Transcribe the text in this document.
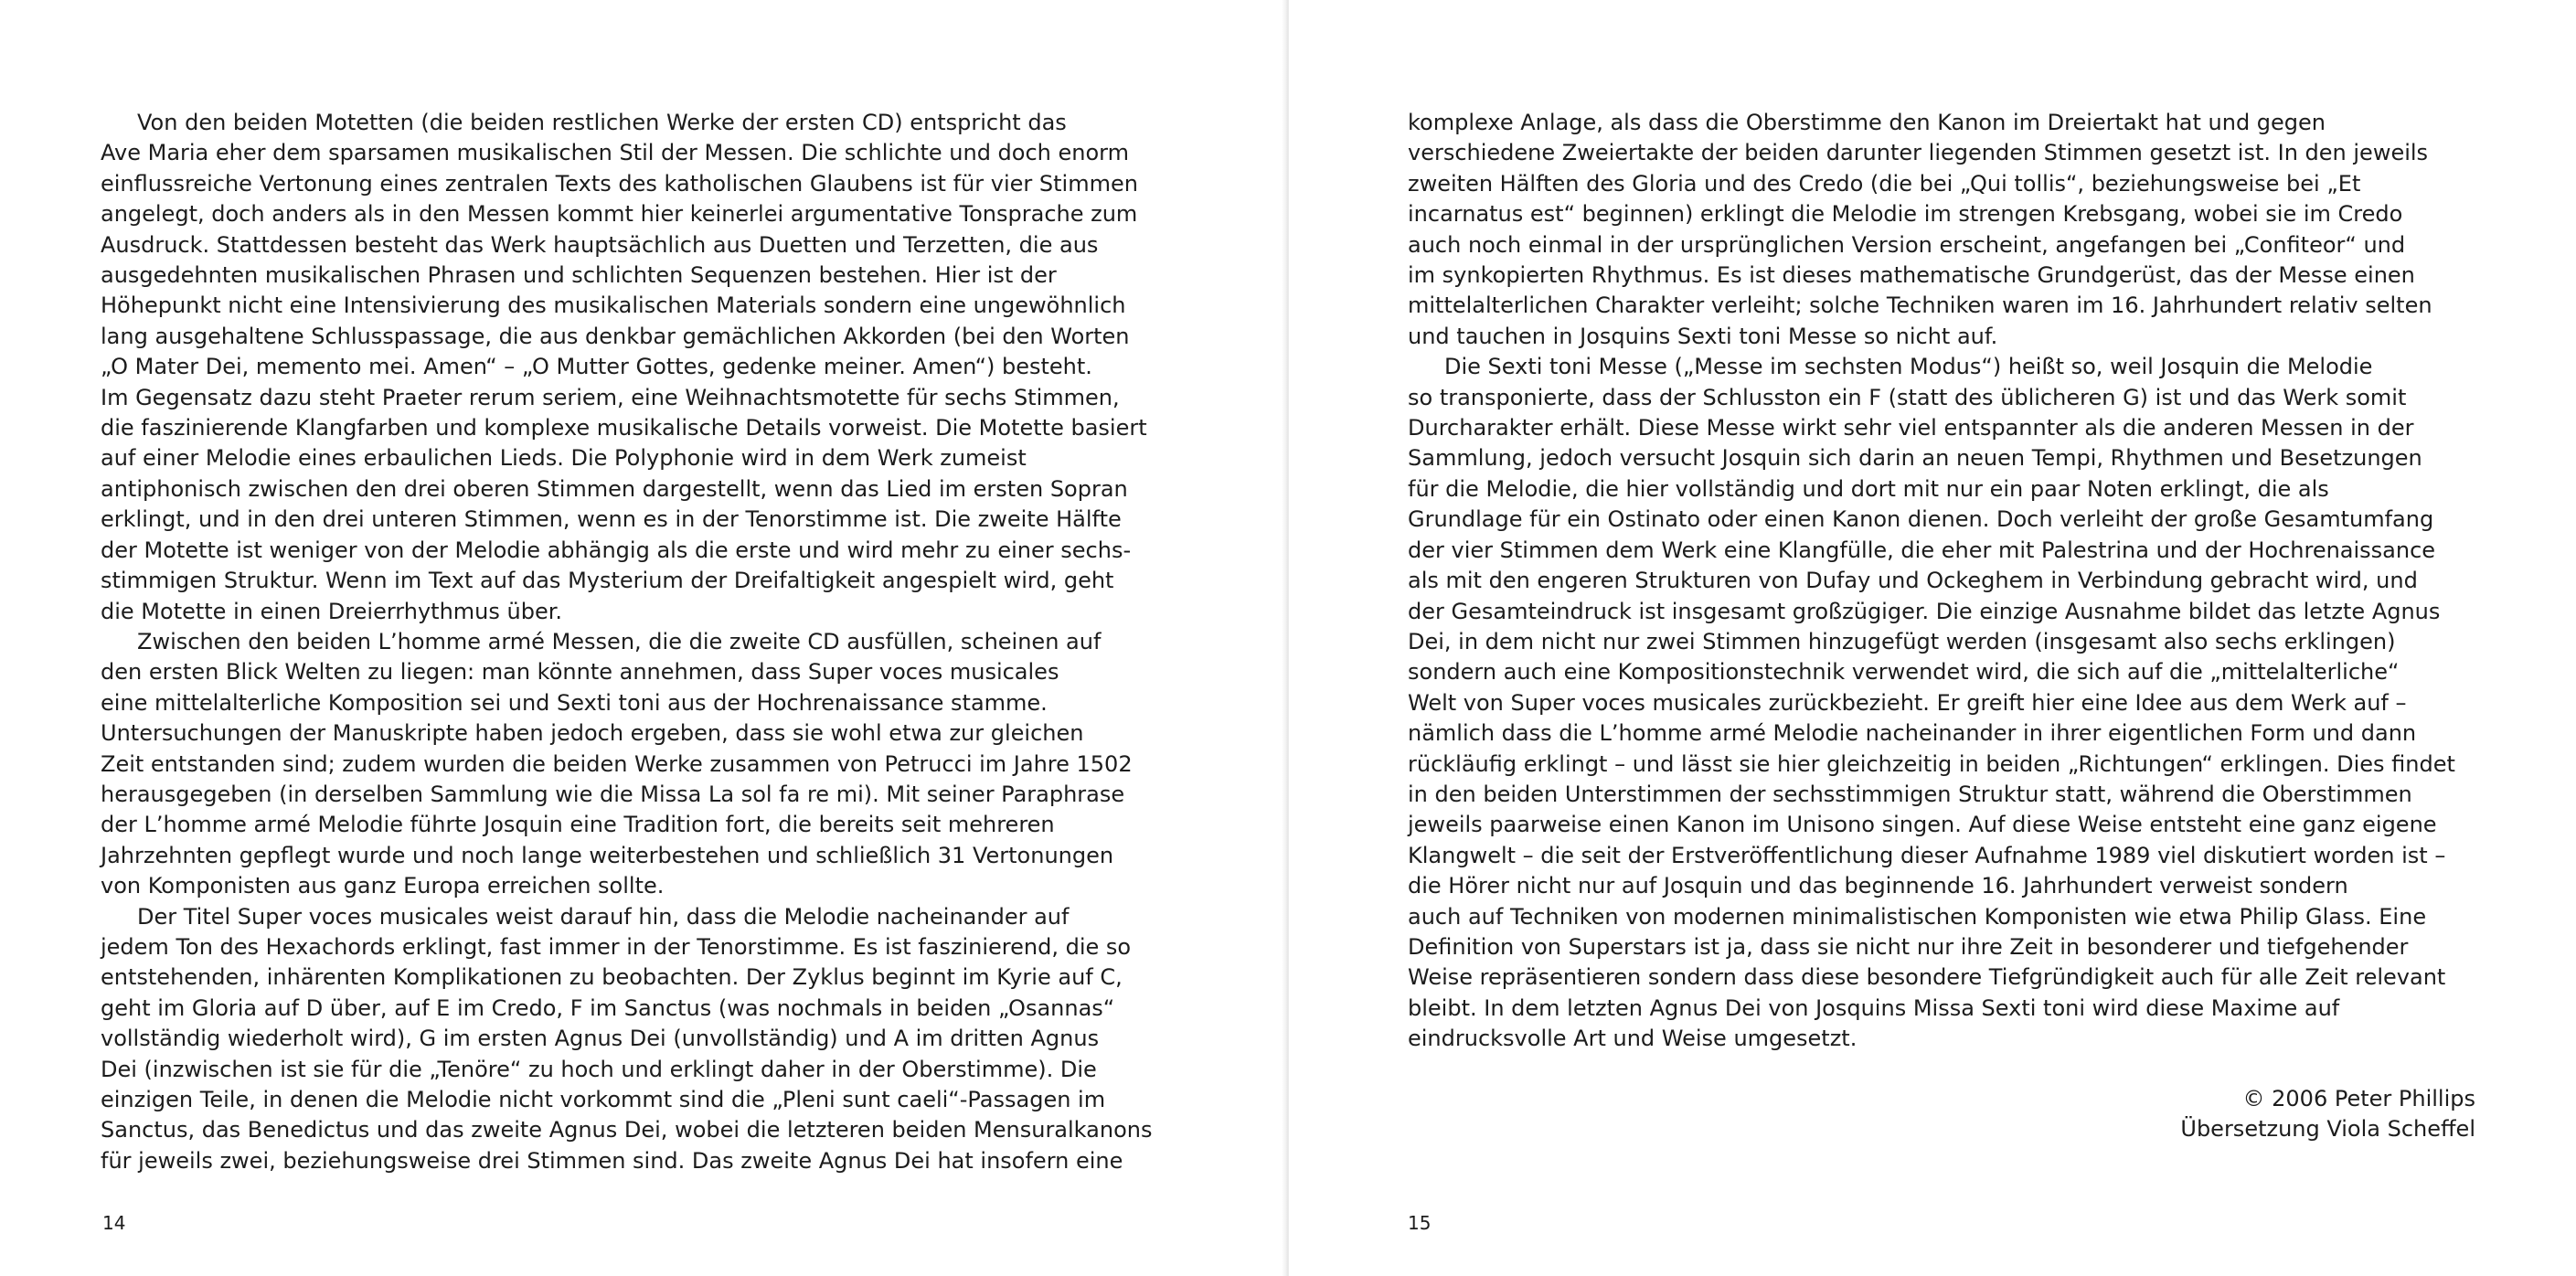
Von den beiden Motetten (die beiden restlichen Werke der ersten CD) entspricht das
Ave Maria eher dem sparsamen musikalischen Stil der Messen. Die schlichte und doch enorm
einflussreiche Vertonung eines zentralen Texts des katholischen Glaubens ist für vier Stimmen
angelegt, doch anders als in den Messen kommt hier keinerlei argumentative Tonsprache zum
Ausdruck. Stattdessen besteht das Werk hauptsächlich aus Duetten und Terzetten, die aus
ausgedehnten musikalischen Phrasen und schlichten Sequenzen bestehen. Hier ist der
Höhepunkt nicht eine Intensivierung des musikalischen Materials sondern eine ungewöhnlich
lang ausgehaltene Schlusspassage, die aus denkbar gemächlichen Akkorden (bei den Worten
„O Mater Dei, memento mei. Amen“ – „O Mutter Gottes, gedenke meiner. Amen“) besteht.
Im Gegensatz dazu steht Praeter rerum seriem, eine Weihnachtsmotette für sechs Stimmen,
die faszinierende Klangfarben und komplexe musikalische Details vorweist. Die Motette basiert
auf einer Melodie eines erbaulichen Lieds. Die Polyphonie wird in dem Werk zumeist
antiphonisch zwischen den drei oberen Stimmen dargestellt, wenn das Lied im ersten Sopran
erklingt, und in den drei unteren Stimmen, wenn es in der Tenorstimme ist. Die zweite Hälfte
der Motette ist weniger von der Melodie abhängig als die erste und wird mehr zu einer sechs-
stimmigen Struktur. Wenn im Text auf das Mysterium der Dreifaltigkeit angespielt wird, geht
die Motette in einen Dreierrhythmus über.

Zwischen den beiden L’homme armé Messen, die die zweite CD ausfüllen, scheinen auf
den ersten Blick Welten zu liegen: man könnte annehmen, dass Super voces musicales
eine mittelalterliche Komposition sei und Sexti toni aus der Hochrenaissance stamme.
Untersuchungen der Manuskripte haben jedoch ergeben, dass sie wohl etwa zur gleichen
Zeit entstanden sind; zudem wurden die beiden Werke zusammen von Petrucci im Jahre 1502
herausgegeben (in derselben Sammlung wie die Missa La sol fa re mi). Mit seiner Paraphrase
der L’homme armé Melodie führte Josquin eine Tradition fort, die bereits seit mehreren
Jahrzehnten gepflegt wurde und noch lange weiterbestehen und schließlich 31 Vertonungen
von Komponisten aus ganz Europa erreichen sollte.

Der Titel Super voces musicales weist darauf hin, dass die Melodie nacheinander auf
jedem Ton des Hexachords erklingt, fast immer in der Tenorstimme. Es ist faszinierend, die so
entstehenden, inhärenten Komplikationen zu beobachten. Der Zyklus beginnt im Kyrie auf C,
geht im Gloria auf D über, auf E im Credo, F im Sanctus (was nochmals in beiden „Osannas“
vollständig wiederholt wird), G im ersten Agnus Dei (unvollständig) und A im dritten Agnus
Dei (inzwischen ist sie für die „Tenöre“ zu hoch und erklingt daher in der Oberstimme). Die
einzigen Teile, in denen die Melodie nicht vorkommt sind die „Pleni sunt caeli“-Passagen im
Sanctus, das Benedictus und das zweite Agnus Dei, wobei die letzteren beiden Mensuralkanons
für jeweils zwei, beziehungsweise drei Stimmen sind. Das zweite Agnus Dei hat insofern eine

14

komplexe Anlage, als dass die Oberstimme den Kanon im Dreiertakt hat und gegen
verschiedene Zweiertakte der beiden darunter liegenden Stimmen gesetzt ist. In den jeweils
zweiten Hälften des Gloria und des Credo (die bei „Qui tollis“, beziehungsweise bei „Et
incarnatus est“ beginnen) erklingt die Melodie im strengen Krebsgang, wobei sie im Credo
auch noch einmal in der ursprünglichen Version erscheint, angefangen bei „Confiteor“ und
im synkopierten Rhythmus. Es ist dieses mathematische Grundgerüst, das der Messe einen
mittelalterlichen Charakter verleiht; solche Techniken waren im 16. Jahrhundert relativ selten
und tauchen in Josquins Sexti toni Messe so nicht auf.

Die Sexti toni Messe („Messe im sechsten Modus“) heißt so, weil Josquin die Melodie
so transponierte, dass der Schlusston ein F (statt des üblicheren G) ist und das Werk somit
Durcharakter erhält. Diese Messe wirkt sehr viel entspannter als die anderen Messen in der
Sammlung, jedoch versucht Josquin sich darin an neuen Tempi, Rhythmen und Besetzungen
für die Melodie, die hier vollständig und dort mit nur ein paar Noten erklingt, die als
Grundlage für ein Ostinato oder einen Kanon dienen. Doch verleiht der große Gesamtumfang
der vier Stimmen dem Werk eine Klangfülle, die eher mit Palestrina und der Hochrenaissance
als mit den engeren Strukturen von Dufay und Ockeghem in Verbindung gebracht wird, und
der Gesamteindruck ist insgesamt großzügiger. Die einzige Ausnahme bildet das letzte Agnus
Dei, in dem nicht nur zwei Stimmen hinzugefügt werden (insgesamt also sechs erklingen)
sondern auch eine Kompositionstechnik verwendet wird, die sich auf die „mittelalterliche“
Welt von Super voces musicales zurückbezieht. Er greift hier eine Idee aus dem Werk auf –
nämlich dass die L’homme armé Melodie nacheinander in ihrer eigentlichen Form und dann
rückläufig erklingt – und lässt sie hier gleichzeitig in beiden „Richtungen“ erklingen. Dies findet
in den beiden Unterstimmen der sechsstimmigen Struktur statt, während die Oberstimmen
jeweils paarweise einen Kanon im Unisono singen. Auf diese Weise entsteht eine ganz eigene
Klangwelt – die seit der Erstveröffentlichung dieser Aufnahme 1989 viel diskutiert worden ist –
die Hörer nicht nur auf Josquin und das beginnende 16. Jahrhundert verweist sondern
auch auf Techniken von modernen minimalistischen Komponisten wie etwa Philip Glass. Eine
Definition von Superstars ist ja, dass sie nicht nur ihre Zeit in besonderer und tiefgehender
Weise repräsentieren sondern dass diese besondere Tiefgründigkeit auch für alle Zeit relevant
bleibt. In dem letzten Agnus Dei von Josquins Missa Sexti toni wird diese Maxime auf
eindrucksvolle Art und Weise umgesetzt.

© 2006 Peter Phillips
Übersetzung Viola Scheffel
15
